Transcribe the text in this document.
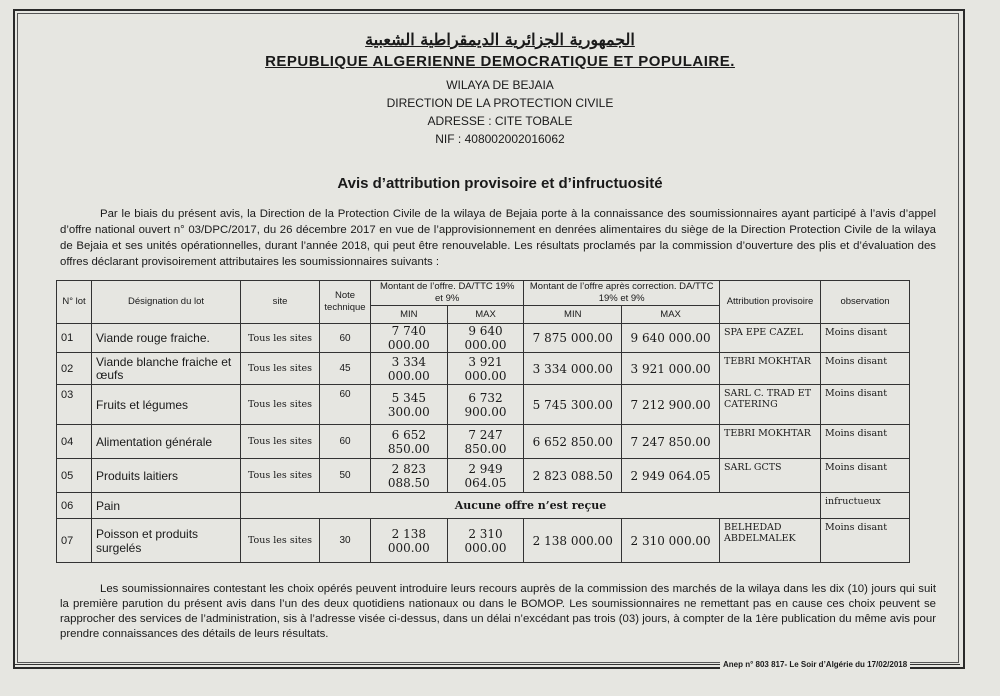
الجمهورية الجزائرية الديمقراطية الشعبية
REPUBLIQUE ALGERIENNE DEMOCRATIQUE ET POPULAIRE.
WILAYA DE BEJAIA
DIRECTION DE LA PROTECTION CIVILE
ADRESSE : CITE TOBALE
NIF : 408002002016062
Avis d’attribution provisoire et d’infructuosité
Par le biais du présent avis, la Direction de la Protection Civile de la wilaya de Bejaia porte à la connaissance des soumissionnaires ayant participé à l’avis d’appel d’offre national ouvert n° 03/DPC/2017, du 26 décembre 2017 en vue de l’approvisionnement en denrées alimentaires du siège de la Direction Protection Civile de la wilaya de Bejaia et ses unités opérationnelles, durant l’année 2018, qui peut être renouvelable. Les résultats proclamés par la commission d’ouverture des plis et d’évaluation des offres déclarant provisoirement attributaires les soumissionnaires suivants :
N° lot	Désignation du lot	site	Note technique	Montant de l’offre. DA/TTC 19% et 9%		Montant de l’offre après correction. DA/TTC 19% et 9%		Attribution provisoire	observation
				MIN	MAX	MIN	MAX		
01	Viande rouge fraiche.	Tous les sites	60	7 740 000.00	9 640 000.00	7 875 000.00	9 640 000.00	SPA EPE CAZEL	Moins disant
02	Viande blanche fraiche et œufs	Tous les sites	45	3 334 000.00	3 921 000.00	3 334 000.00	3 921 000.00	TEBRI MOKHTAR	Moins disant
03	Fruits et légumes	Tous les sites	60	5 345 300.00	6 732 900.00	5 745 300.00	7 212 900.00	SARL C. TRAD ET CATERING	Moins disant
04	Alimentation générale	Tous les sites	60	6 652 850.00	7 247 850.00	6 652 850.00	7 247 850.00	TEBRI MOKHTAR	Moins disant
05	Produits laitiers	Tous les sites	50	2 823 088.50	2 949 064.05	2 823 088.50	2 949 064.05	SARL GCTS	Moins disant
06	Pain	Aucune offre n’est reçue							infructueux
07	Poisson et produits surgelés	Tous les sites	30	2 138 000.00	2 310 000.00	2 138 000.00	2 310 000.00	BELHEDAD ABDELMALEK	Moins disant
Les soumissionnaires contestant les choix opérés peuvent introduire leurs recours auprès de la commission des marchés de la wilaya dans les dix (10) jours qui suit la première parution du présent avis dans l’un des deux quotidiens nationaux ou dans le BOMOP. Les soumissionnaires ne remettant pas en cause ces choix peuvent se rapprocher des services de l’administration, sis à l’adresse visée ci-dessus, dans un délai n’excédant pas trois (03) jours, à compter de la 1ère publication du même avis pour prendre connaissances des détails de leurs résultats.
Anep n° 803 817- Le Soir d’Algérie du 17/02/2018
